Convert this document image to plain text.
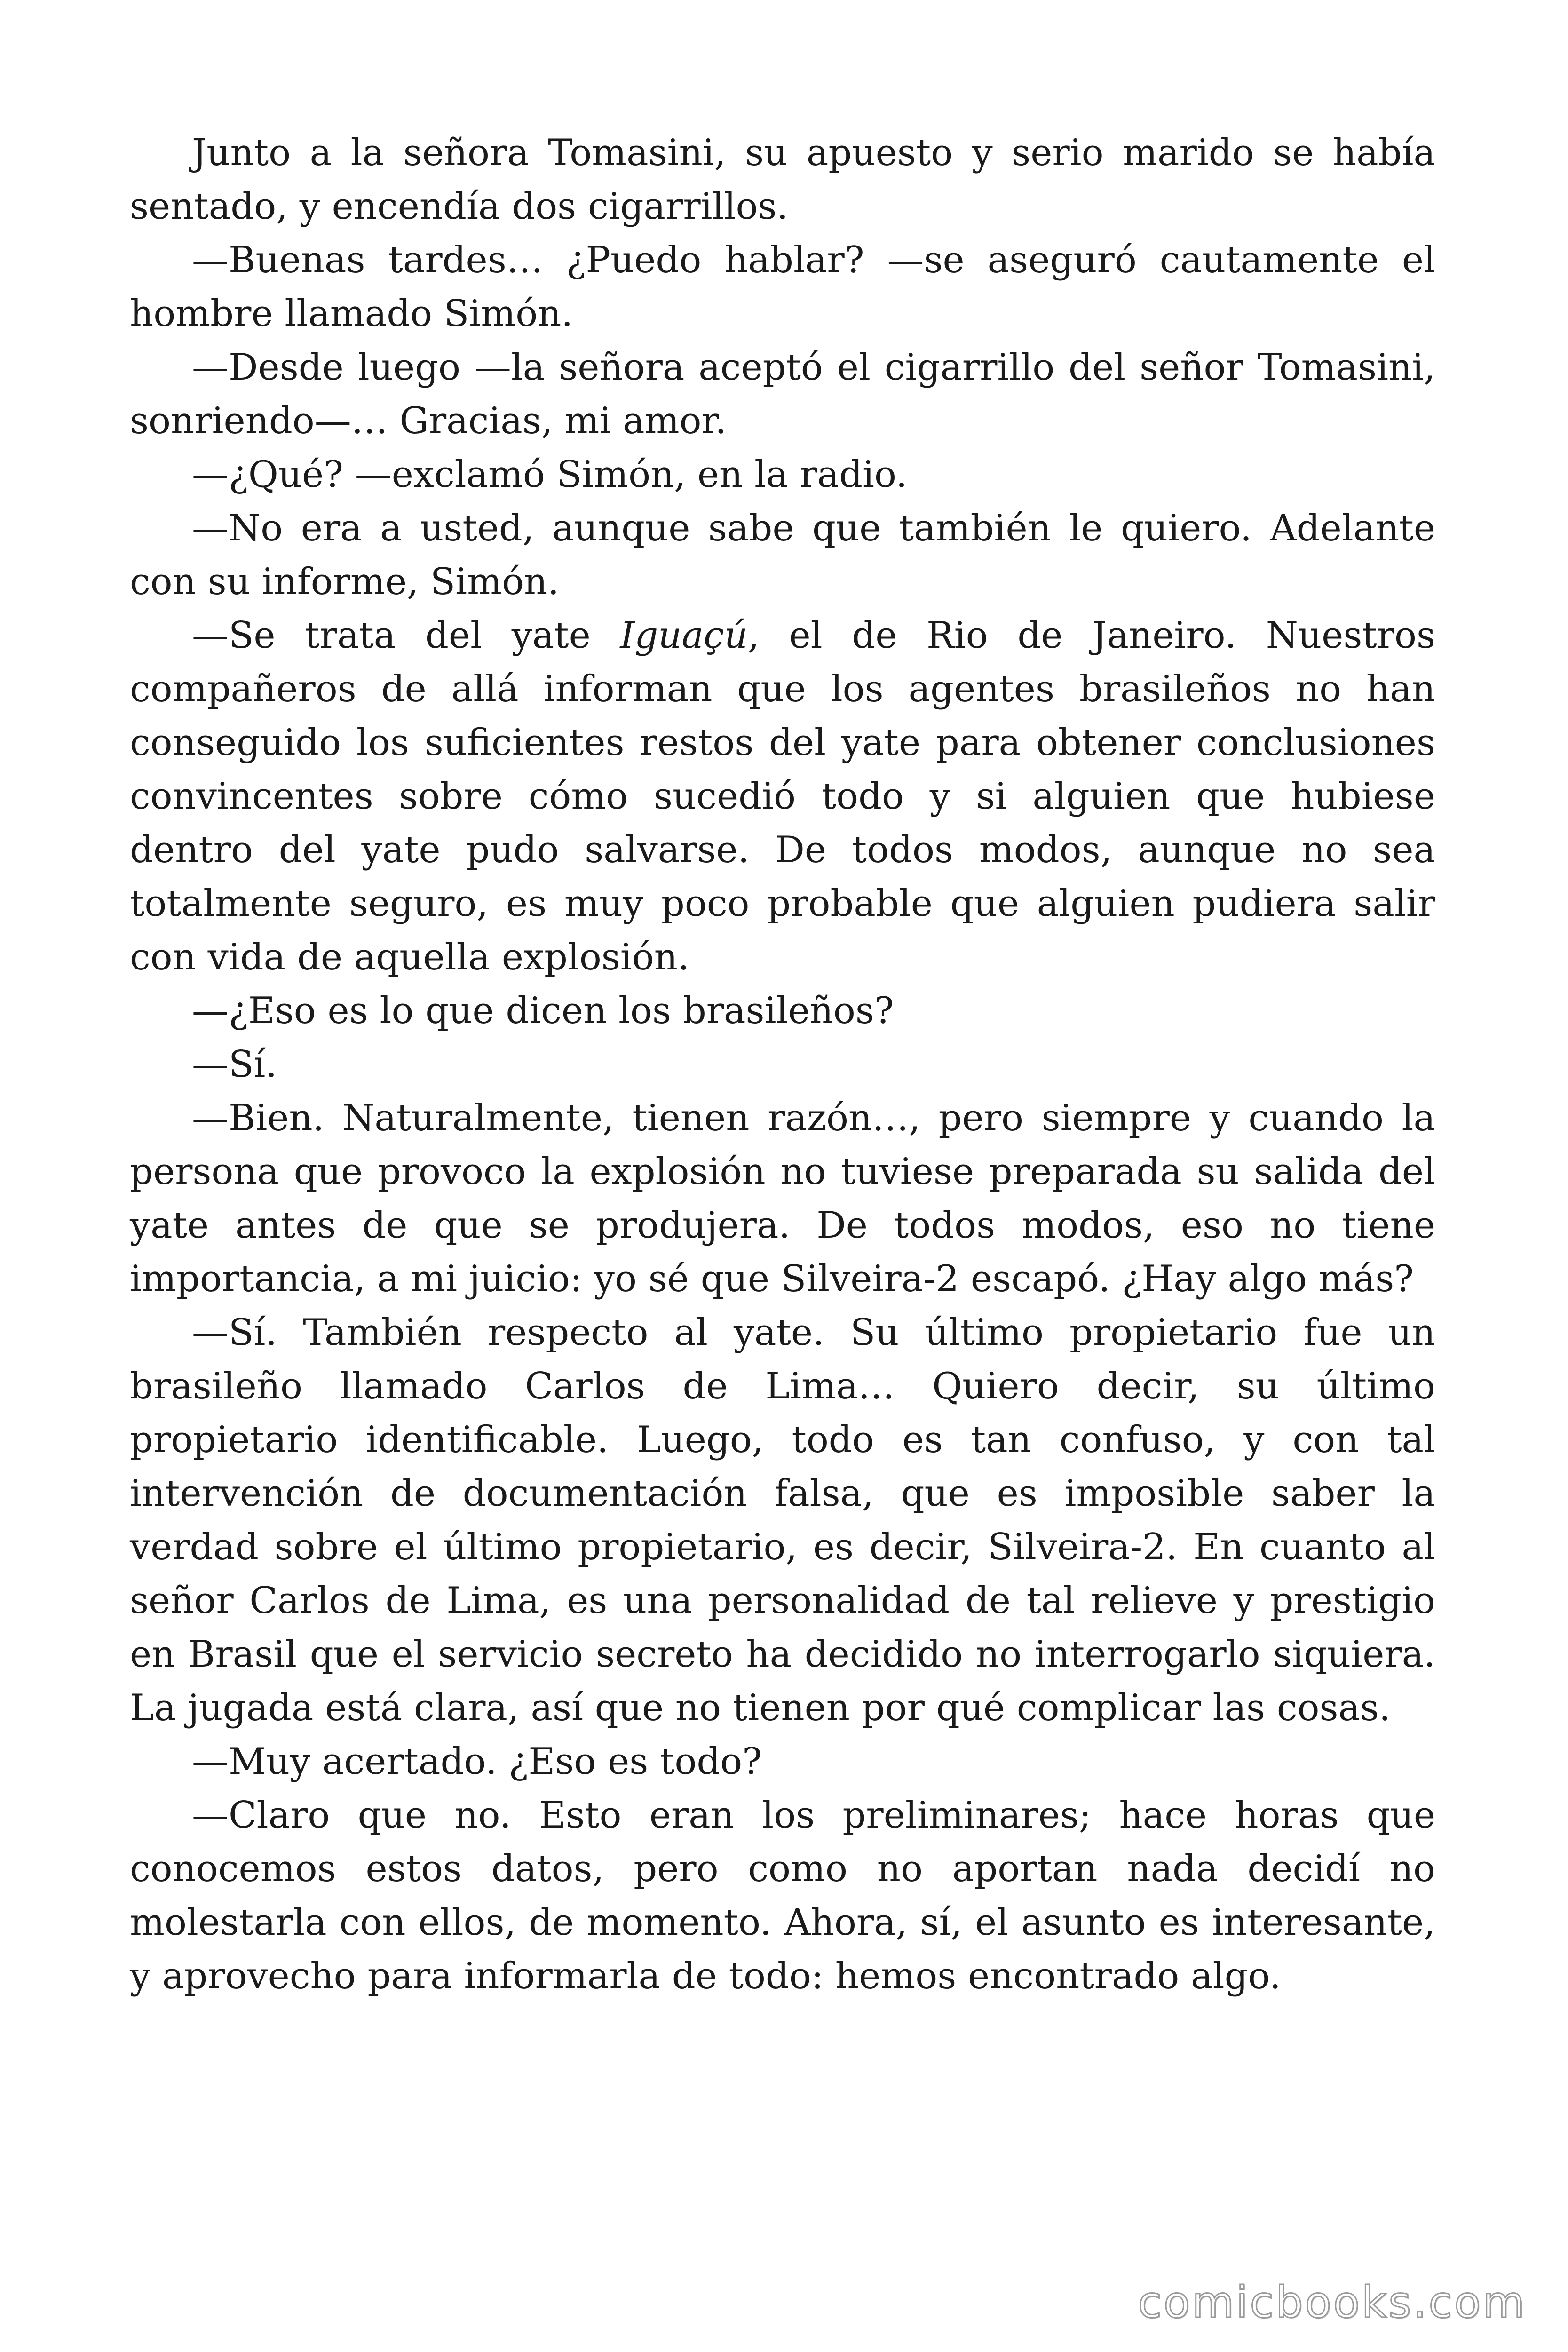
Junto a la señora Tomasini, su apuesto y serio marido se había sentado, y encendía dos cigarrillos.

—Buenas tardes… ¿Puedo hablar? —se aseguró cautamente el hombre llamado Simón.

—Desde luego —la señora aceptó el cigarrillo del señor Tomasini, sonriendo—… Gracias, mi amor.

—¿Qué? —exclamó Simón, en la radio.

—No era a usted, aunque sabe que también le quiero. Adelante con su informe, Simón.

—Se trata del yate Iguaçú, el de Rio de Janeiro. Nuestros compañeros de allá informan que los agentes brasileños no han conseguido los suficientes restos del yate para obtener conclusiones convincentes sobre cómo sucedió todo y si alguien que hubiese dentro del yate pudo salvarse. De todos modos, aunque no sea totalmente seguro, es muy poco probable que alguien pudiera salir con vida de aquella explosión.

—¿Eso es lo que dicen los brasileños?

—Sí.

—Bien. Naturalmente, tienen razón…, pero siempre y cuando la persona que provoco la explosión no tuviese preparada su salida del yate antes de que se produjera. De todos modos, eso no tiene importancia, a mi juicio: yo sé que Silveira-2 escapó. ¿Hay algo más?

—Sí. También respecto al yate. Su último propietario fue un brasileño llamado Carlos de Lima… Quiero decir, su último propietario identificable. Luego, todo es tan confuso, y con tal intervención de documentación falsa, que es imposible saber la verdad sobre el último propietario, es decir, Silveira-2. En cuanto al señor Carlos de Lima, es una personalidad de tal relieve y prestigio en Brasil que el servicio secreto ha decidido no interrogarlo siquiera. La jugada está clara, así que no tienen por qué complicar las cosas.

—Muy acertado. ¿Eso es todo?

—Claro que no. Esto eran los preliminares; hace horas que conocemos estos datos, pero como no aportan nada decidí no molestarla con ellos, de momento. Ahora, sí, el asunto es interesante, y aprovecho para informarla de todo: hemos encontrado algo.

comicbooks.com
